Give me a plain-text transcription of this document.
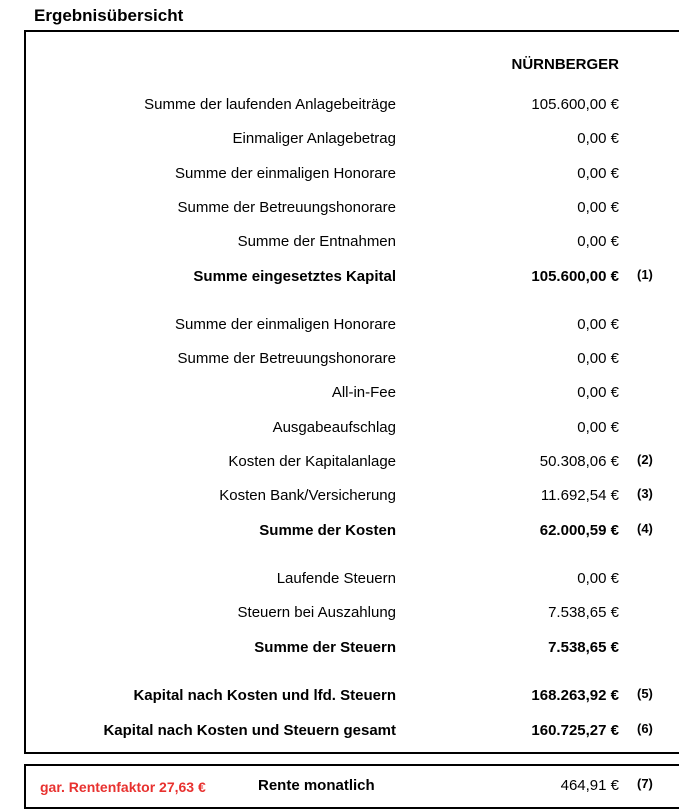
Ergebnisübersicht
NÜRNBERGER
Summe der laufenden Anlagebeiträge	105.600,00 €
Einmaliger Anlagebetrag	0,00 €
Summe der einmaligen Honorare	0,00 €
Summe der Betreuungshonorare	0,00 €
Summe der Entnahmen	0,00 €
Summe eingesetztes Kapital	105.600,00 € (1)
Summe der einmaligen Honorare	0,00 €
Summe der Betreuungshonorare	0,00 €
All-in-Fee	0,00 €
Ausgabeaufschlag	0,00 €
Kosten der Kapitalanlage	50.308,06 € (2)
Kosten Bank/Versicherung	11.692,54 € (3)
Summe der Kosten	62.000,59 € (4)
Laufende Steuern	0,00 €
Steuern bei Auszahlung	7.538,65 €
Summe der Steuern	7.538,65 €
Kapital nach Kosten und lfd. Steuern	168.263,92 € (5)
Kapital nach Kosten und Steuern gesamt	160.725,27 € (6)
gar. Rentenfaktor 27,63 €	Rente monatlich	464,91 € (7)
